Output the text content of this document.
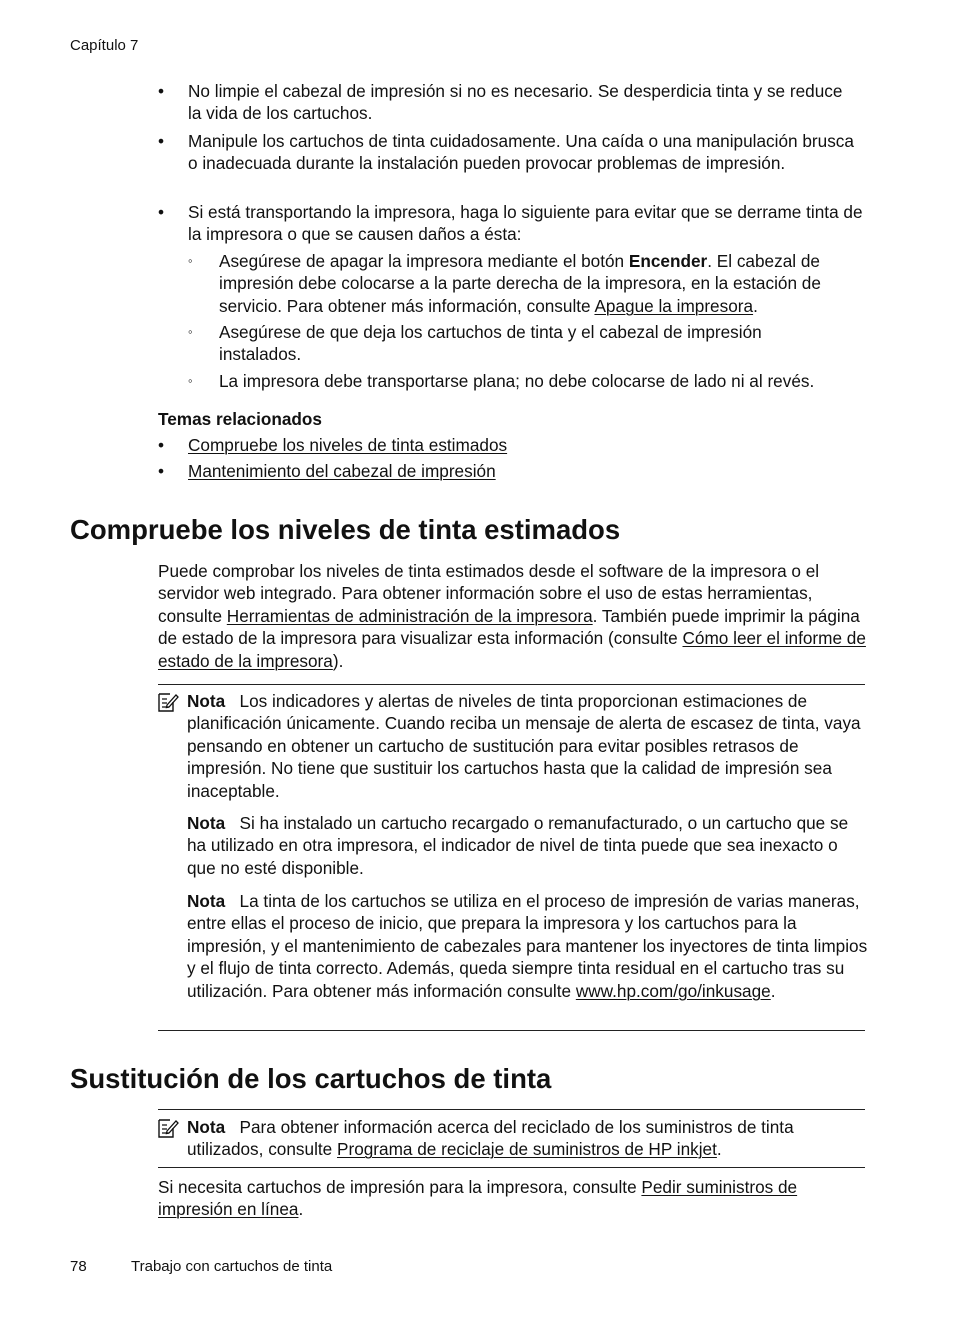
Capítulo 7
• No limpie el cabezal de impresión si no es necesario. Se desperdicia tinta y se reduce la vida de los cartuchos.
• Manipule los cartuchos de tinta cuidadosamente. Una caída o una manipulación brusca o inadecuada durante la instalación pueden provocar problemas de impresión.
• Si está transportando la impresora, haga lo siguiente para evitar que se derrame tinta de la impresora o que se causen daños a ésta:
◦ Asegúrese de apagar la impresora mediante el botón Encender. El cabezal de impresión debe colocarse a la parte derecha de la impresora, en la estación de servicio. Para obtener más información, consulte Apague la impresora.
◦ Asegúrese de que deja los cartuchos de tinta y el cabezal de impresión instalados.
◦ La impresora debe transportarse plana; no debe colocarse de lado ni al revés.
Temas relacionados
• Compruebe los niveles de tinta estimados
• Mantenimiento del cabezal de impresión
Compruebe los niveles de tinta estimados
Puede comprobar los niveles de tinta estimados desde el software de la impresora o el servidor web integrado. Para obtener información sobre el uso de estas herramientas, consulte Herramientas de administración de la impresora. También puede imprimir la página de estado de la impresora para visualizar esta información (consulte Cómo leer el informe de estado de la impresora).
Nota Los indicadores y alertas de niveles de tinta proporcionan estimaciones de planificación únicamente. Cuando reciba un mensaje de alerta de escasez de tinta, vaya pensando en obtener un cartucho de sustitución para evitar posibles retrasos de impresión. No tiene que sustituir los cartuchos hasta que la calidad de impresión sea inaceptable.
Nota Si ha instalado un cartucho recargado o remanufacturado, o un cartucho que se ha utilizado en otra impresora, el indicador de nivel de tinta puede que sea inexacto o que no esté disponible.
Nota La tinta de los cartuchos se utiliza en el proceso de impresión de varias maneras, entre ellas el proceso de inicio, que prepara la impresora y los cartuchos para la impresión, y el mantenimiento de cabezales para mantener los inyectores de tinta limpios y el flujo de tinta correcto. Además, queda siempre tinta residual en el cartucho tras su utilización. Para obtener más información consulte www.hp.com/go/inkusage.
Sustitución de los cartuchos de tinta
Nota Para obtener información acerca del reciclado de los suministros de tinta utilizados, consulte Programa de reciclaje de suministros de HP inkjet.
Si necesita cartuchos de impresión para la impresora, consulte Pedir suministros de impresión en línea.
78	Trabajo con cartuchos de tinta
